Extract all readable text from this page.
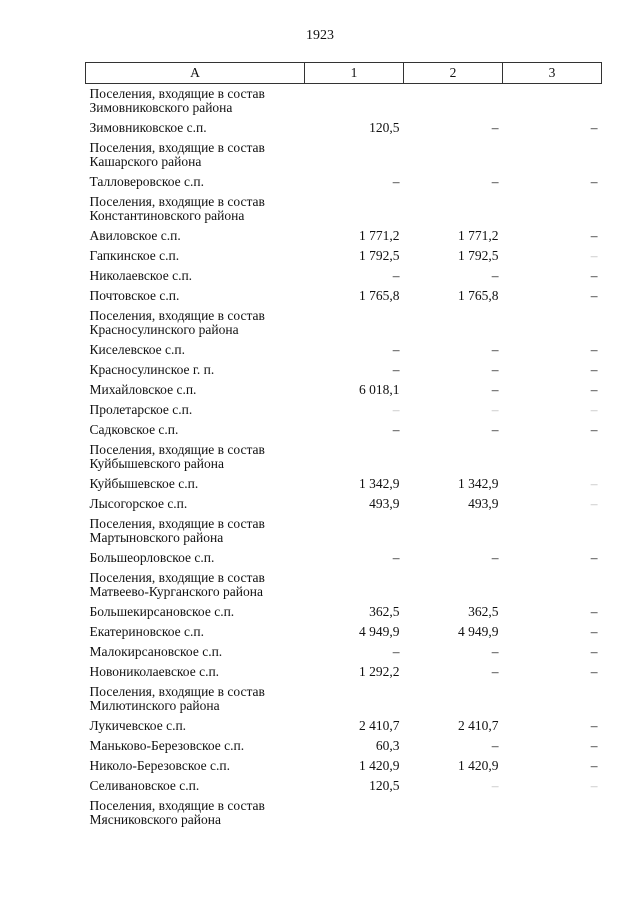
1923
А	1	2	3
Поселения, входящие в состав Зимовниковского района			
Зимовниковское с.п.	120,5	–	–
Поселения, входящие в состав Кашарского района			
Талловеровское с.п.	–	–	–
Поселения, входящие в состав Константиновского района			
Авиловское с.п.	1 771,2	1 771,2	–
Гапкинское с.п.	1 792,5	1 792,5	–
Николаевское с.п.	–	–	–
Почтовское с.п.	1 765,8	1 765,8	–
Поселения, входящие в состав Красносулинского района			
Киселевское с.п.	–	–	–
Красносулинское г. п.	–	–	–
Михайловское с.п.	6 018,1	–	–
Пролетарское с.п.	–	–	–
Садковское с.п.	–	–	–
Поселения, входящие в состав Куйбышевского района			
Куйбышевское с.п.	1 342,9	1 342,9	–
Лысогорское с.п.	493,9	493,9	–
Поселения, входящие в состав Мартыновского района			
Большеорловское с.п.	–	–	–
Поселения, входящие в состав Матвеево-Курганского района			
Большекирсановское с.п.	362,5	362,5	–
Екатериновское с.п.	4 949,9	4 949,9	–
Малокирсановское с.п.	–	–	–
Новониколаевское с.п.	1 292,2	–	–
Поселения, входящие в состав Милютинского района			
Лукичевское с.п.	2 410,7	2 410,7	–
Маньково-Березовское с.п.	60,3	–	–
Николо-Березовское с.п.	1 420,9	1 420,9	–
Селивановское с.п.	120,5	–	–
Поселения, входящие в состав Мясниковского района			
